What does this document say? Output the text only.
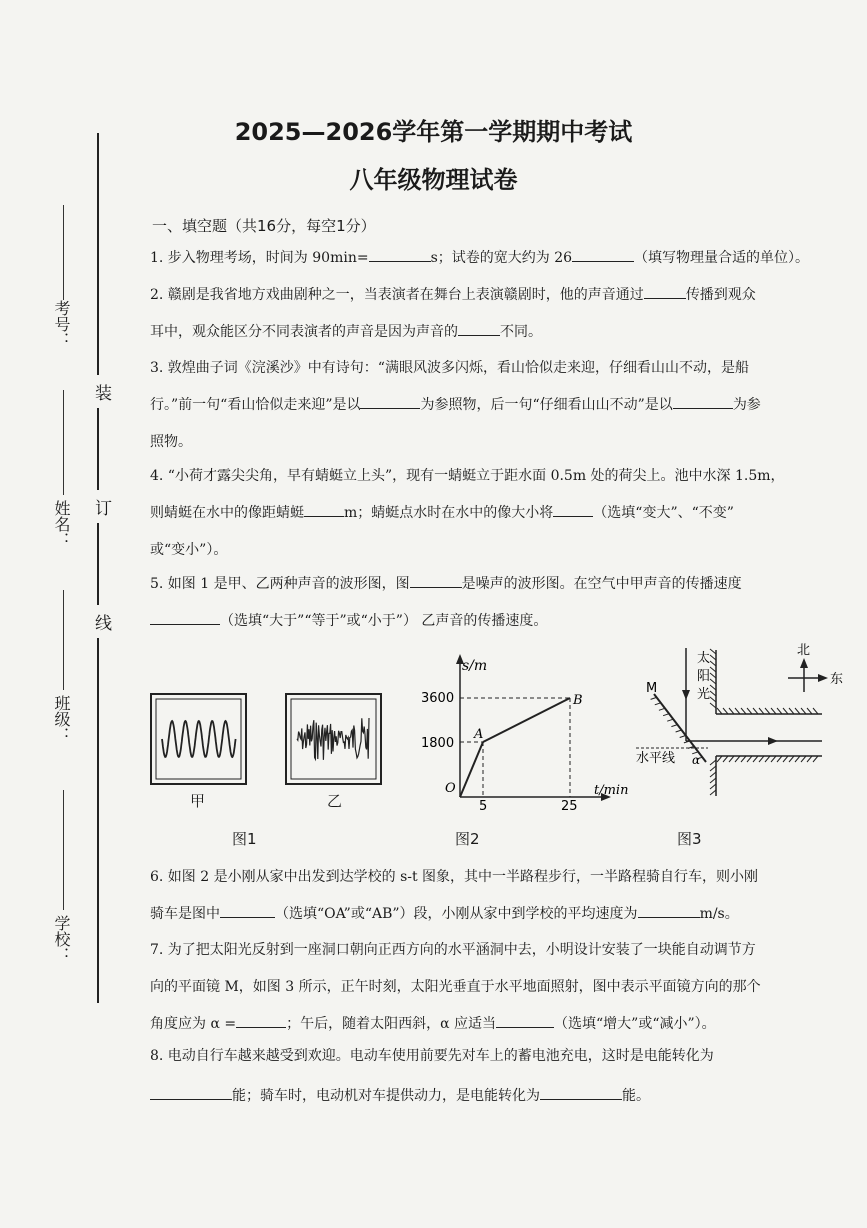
考号：
姓名：
班级：
学校：
装
订
线
2025—2026学年第一学期期中考试
八年级物理试卷
一、填空题（共16分，每空1分）
1. 步入物理考场，时间为 90min=	s；试卷的宽大约为 26	（填写物理量合适的单位）。
2. 赣剧是我省地方戏曲剧种之一，当表演者在舞台上表演赣剧时，他的声音通过	传播到观众
耳中，观众能区分不同表演者的声音是因为声音的	不同。
3. 敦煌曲子词《浣溪沙》中有诗句：“满眼风波多闪烁，看山恰似走来迎，仔细看山山不动，是船
行。”前一句“看山恰似走来迎”是以	为参照物，后一句“仔细看山山不动”是以	为参
照物。
4. “小荷才露尖尖角，早有蜻蜓立上头”，现有一蜻蜓立于距水面 0.5m 处的荷尖上。池中水深 1.5m，
则蜻蜓在水中的像距蜻蜓	m；蜻蜓点水时在水中的像大小将	（选填“变大”、“不变”
或“变小”）。
5. 如图 1 是甲、乙两种声音的波形图，图	是噪声的波形图。在空气中甲声音的传播速度
（选填“大于”“等于”或“小于”） 乙声音的传播速度。
甲	乙
图1
s/m
3600
1800
O
5	25
t/min
A
B
图2
太
阳
光
M
水平线 α
北
东
图3
6. 如图 2 是小刚从家中出发到达学校的 s-t 图象，其中一半路程步行，一半路程骑自行车，则小刚
骑车是图中	（选填“OA”或“AB”）段，小刚从家中到学校的平均速度为	m/s。
7. 为了把太阳光反射到一座洞口朝向正西方向的水平涵洞中去，小明设计安装了一块能自动调节方
向的平面镜 M，如图 3 所示，正午时刻，太阳光垂直于水平地面照射，图中表示平面镜方向的那个
角度应为 α =	；午后，随着太阳西斜，α 应适当	（选填“增大”或“减小”）。
8. 电动自行车越来越受到欢迎。电动车使用前要先对车上的蓄电池充电，这时是电能转化为
能；骑车时，电动机对车提供动力，是电能转化为	能。
